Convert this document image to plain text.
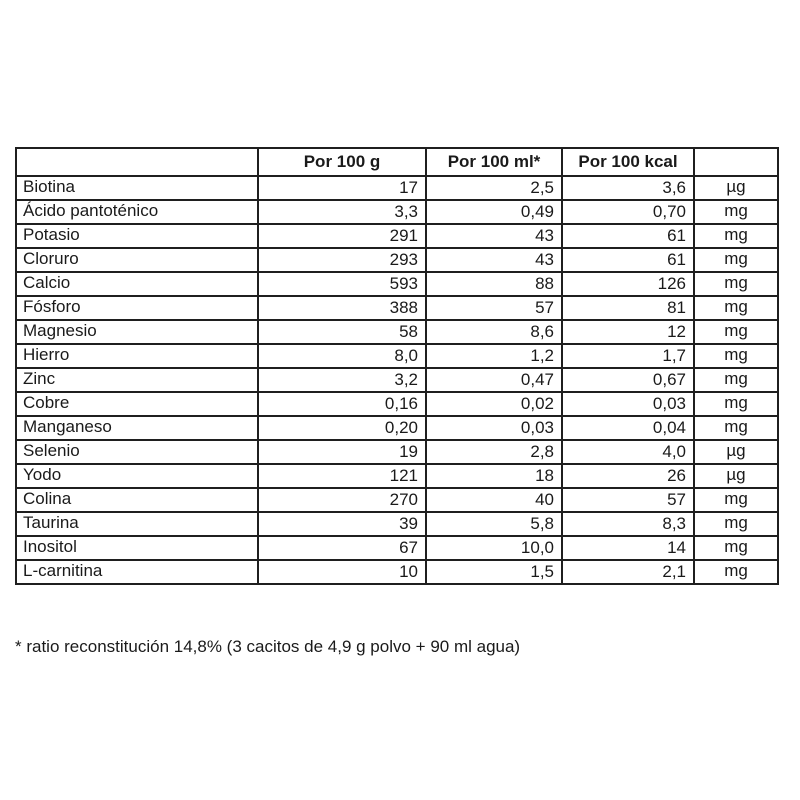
	Por 100 g	Por 100 ml*	Por 100 kcal	
Biotina	17	2,5	3,6	µg
Ácido pantoténico	3,3	0,49	0,70	mg
Potasio	291	43	61	mg
Cloruro	293	43	61	mg
Calcio	593	88	126	mg
Fósforo	388	57	81	mg
Magnesio	58	8,6	12	mg
Hierro	8,0	1,2	1,7	mg
Zinc	3,2	0,47	0,67	mg
Cobre	0,16	0,02	0,03	mg
Manganeso	0,20	0,03	0,04	mg
Selenio	19	2,8	4,0	µg
Yodo	121	18	26	µg
Colina	270	40	57	mg
Taurina	39	5,8	8,3	mg
Inositol	67	10,0	14	mg
L-carnitina	10	1,5	2,1	mg
* ratio reconstitución 14,8% (3 cacitos de 4,9 g polvo + 90 ml agua)
